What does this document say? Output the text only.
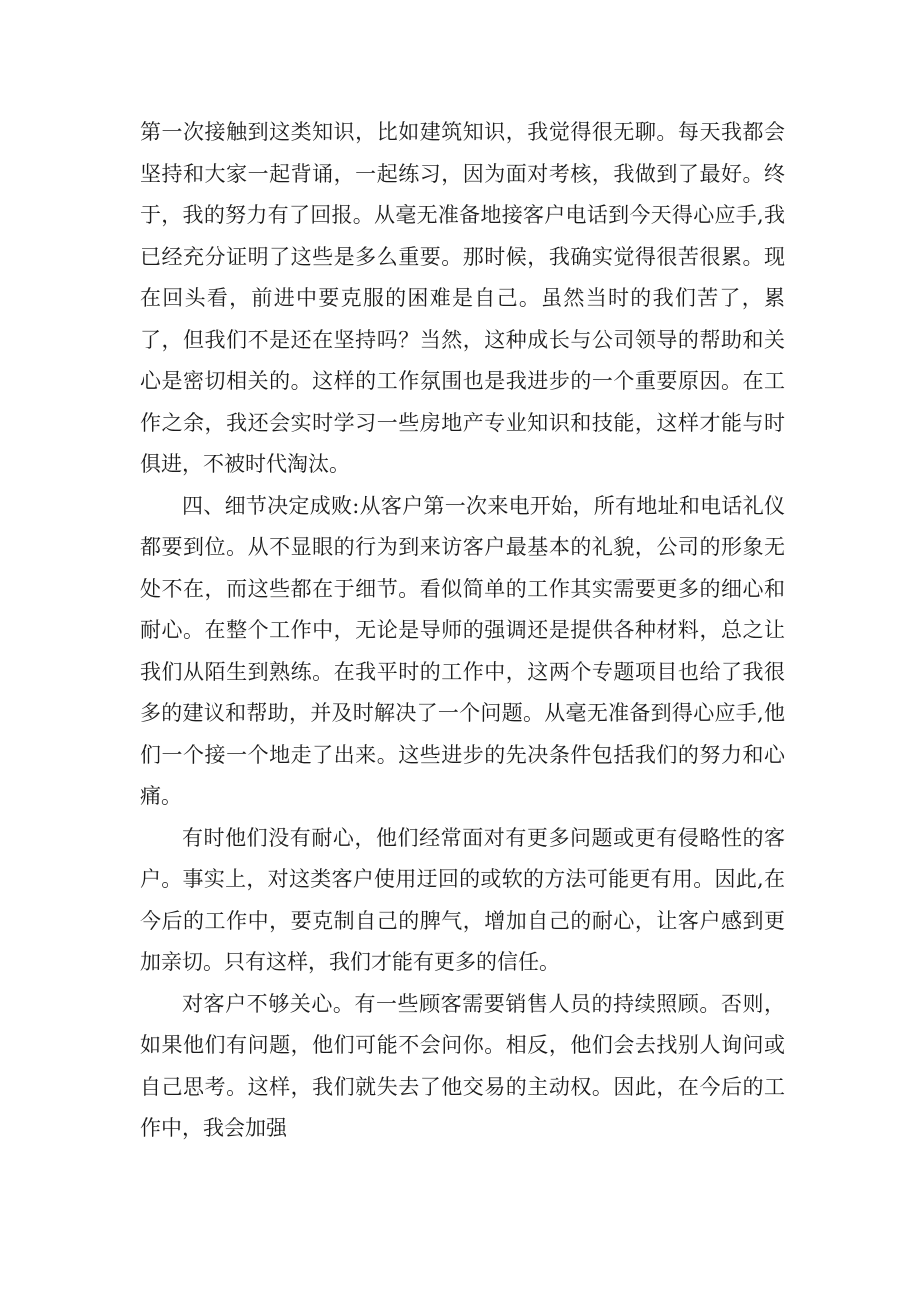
第一次接触到这类知识，比如建筑知识，我觉得很无聊。每天我都会坚持和大家一起背诵，一起练习，因为面对考核，我做到了最好。终于，我的努力有了回报。从毫无准备地接客户电话到今天得心应手,我已经充分证明了这些是多么重要。那时候，我确实觉得很苦很累。现在回头看，前进中要克服的困难是自己。虽然当时的我们苦了，累了，但我们不是还在坚持吗？当然，这种成长与公司领导的帮助和关心是密切相关的。这样的工作氛围也是我进步的一个重要原因。在工作之余，我还会实时学习一些房地产专业知识和技能，这样才能与时俱进，不被时代淘汰。

四、细节决定成败:从客户第一次来电开始，所有地址和电话礼仪都要到位。从不显眼的行为到来访客户最基本的礼貌，公司的形象无处不在，而这些都在于细节。看似简单的工作其实需要更多的细心和耐心。在整个工作中，无论是导师的强调还是提供各种材料，总之让我们从陌生到熟练。在我平时的工作中，这两个专题项目也给了我很多的建议和帮助，并及时解决了一个问题。从毫无准备到得心应手,他们一个接一个地走了出来。这些进步的先决条件包括我们的努力和心痛。

有时他们没有耐心，他们经常面对有更多问题或更有侵略性的客户。事实上，对这类客户使用迂回的或软的方法可能更有用。因此,在今后的工作中，要克制自己的脾气，增加自己的耐心，让客户感到更加亲切。只有这样，我们才能有更多的信任。

对客户不够关心。有一些顾客需要销售人员的持续照顾。否则，如果他们有问题，他们可能不会问你。相反，他们会去找别人询问或自己思考。这样，我们就失去了他交易的主动权。因此，在今后的工作中，我会加强
